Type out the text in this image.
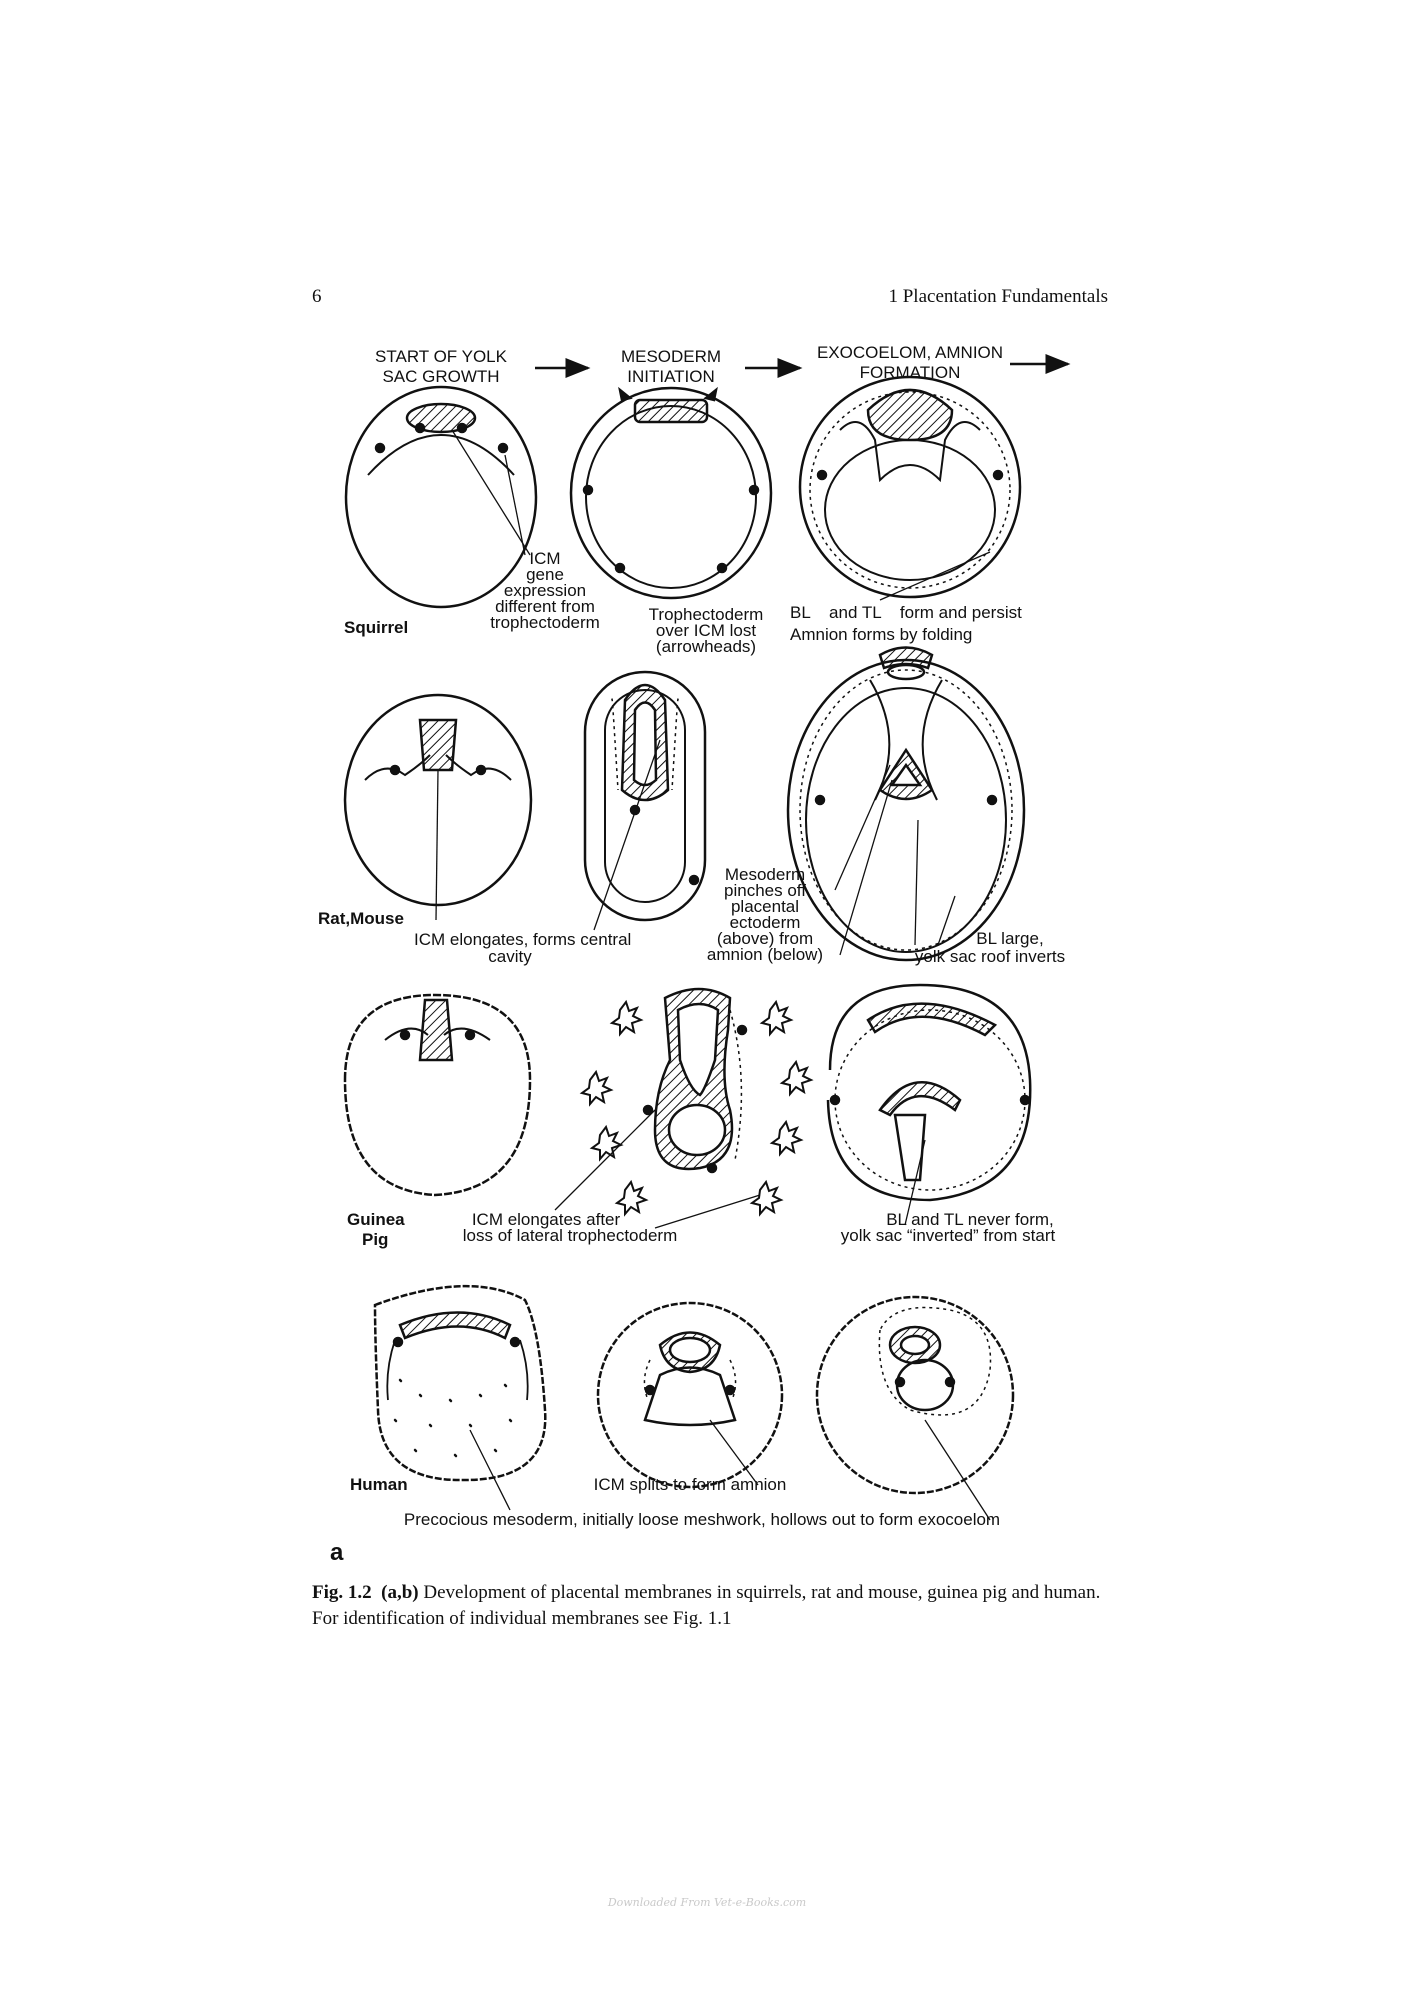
6	1 Placentation Fundamentals
START OF YOLK
SAC GROWTH
MESODERM
INITIATION
EXOCOELOM, AMNION
FORMATION
Squirrel
ICM
gene
expression
different from
trophectoderm	Trophectoderm
over ICM lost
(arrowheads)
BL    and TL    form and persist
Amnion forms by folding
Rat,Mouse
ICM elongates, forms central
cavity
Mesoderm
pinches off
placental
ectoderm
(above) from
amnion (below)
BL large,
yolk sac roof inverts
Guinea
Pig
ICM elongates after
loss of lateral trophectoderm
BL and TL never form,
yolk sac “inverted” from start
Human	ICM splits to form amnion
Precocious mesoderm, initially loose meshwork, hollows out to form exocoelom
a
Fig. 1.2 (a,b) Development of placental membranes in squirrels, rat and mouse, guinea pig and human. For identification of individual membranes see Fig. 1.1
Downloaded From Vet-e-Books.com
